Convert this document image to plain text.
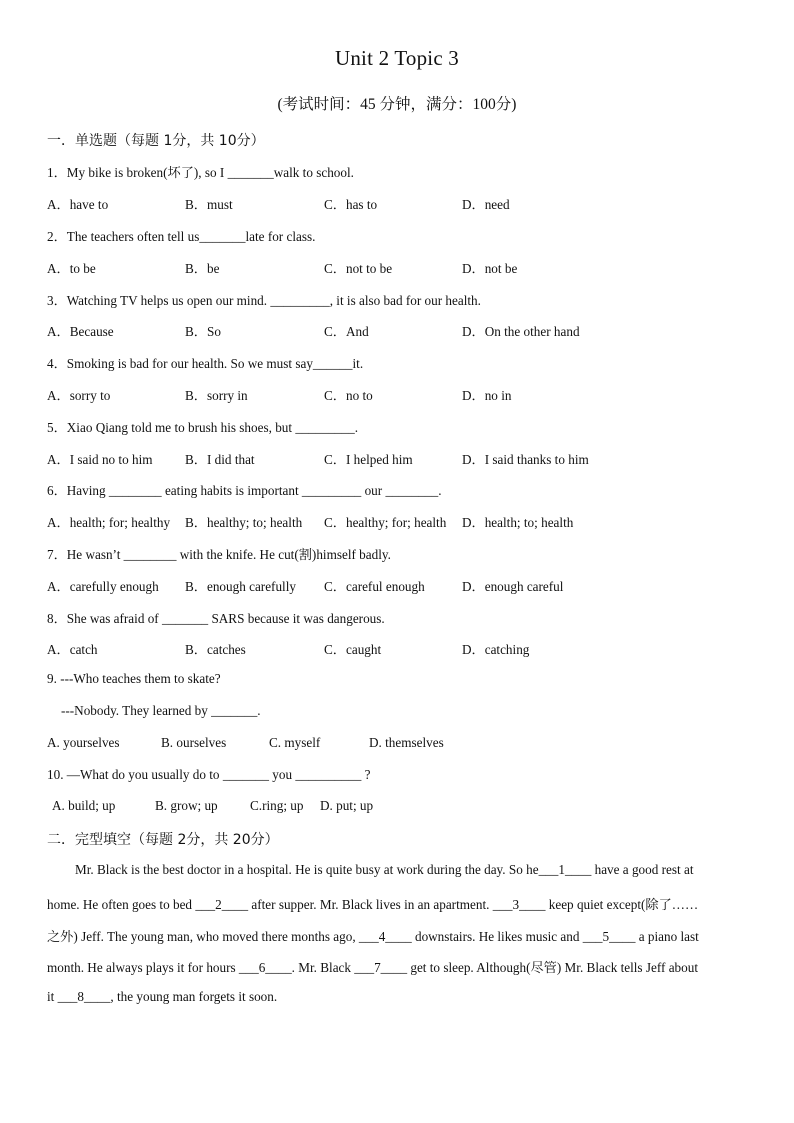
Unit 2 Topic 3
(考试时间：45 分钟，满分：100分)
一．单选题（每题 1分，共 10分）
1．My bike is broken(坏了), so I _______walk to school.
A．have to	B．must	C．has to	D．need
2．The teachers often tell us_______late for class.
A．to be	B．be	C．not to be	D．not be
3．Watching TV helps us open our mind. _________, it is also bad for our health.
A．Because	B．So	C．And	D．On the other hand
4．Smoking is bad for our health. So we must say______it.
A．sorry to	B．sorry in	C．no to	D．no in
5．Xiao Qiang told me to brush his shoes, but _________.
A．I said no to him B．I did that	C．I helped him	D．I said thanks to him
6．Having ________ eating habits is important _________ our ________.
A．health; for; healthy B．healthy; to; health C．healthy; for; health D．health; to; health
7．He wasn’t ________ with the knife. He cut(割)himself badly.
A．carefully enough B．enough carefully C．careful enough	D．enough careful
8．She was afraid of _______ SARS because it was dangerous.
A．catch	B．catches	C．caught	D．catching
9. ---Who teaches them to skate?
---Nobody. They learned by _______.
A. yourselves	B. ourselves	C. myself	D. themselves
10. —What do you usually do to _______ you __________ ?
A. build; up	B. grow; up C.ring; up D. put; up
二．完型填空（每题 2分，共 20分）
Mr. Black is the best doctor in a hospital. He is quite busy at work during the day. So he___1____ have a good rest at
home. He often goes to bed ___2____ after supper. Mr. Black lives in an apartment. ___3____ keep quiet except(除了……
之外) Jeff. The young man, who moved there months ago, ___4____ downstairs. He likes music and ___5____ a piano last
month. He always plays it for hours ___6____. Mr. Black ___7____ get to sleep. Although(尽管) Mr. Black tells Jeff about
it ___8____, the young man forgets it soon.
